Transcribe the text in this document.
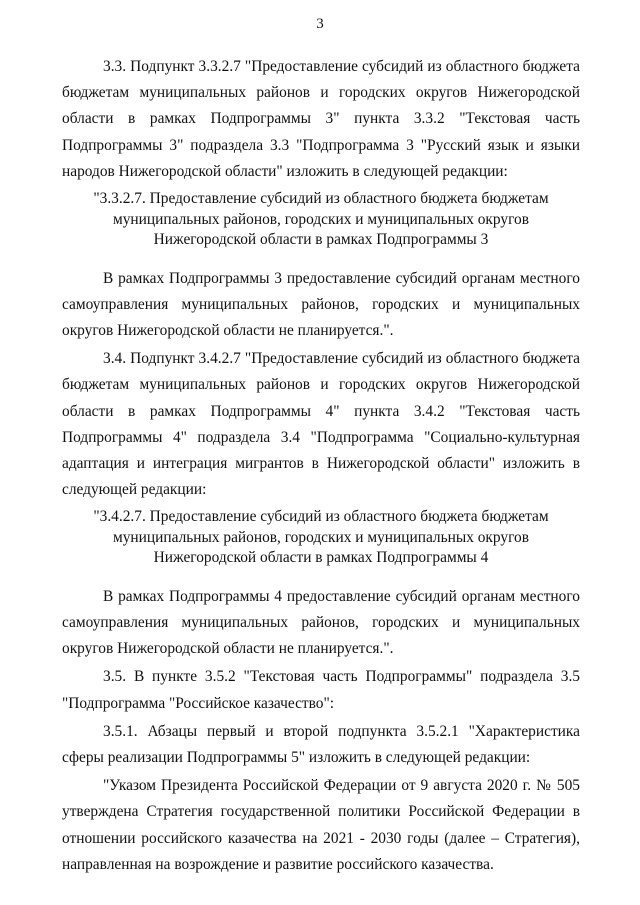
3

3.3. Подпункт 3.3.2.7 "Предоставление субсидий из областного бюджета бюджетам муниципальных районов и городских округов Нижегородской области в рамках Подпрограммы 3" пункта 3.3.2 "Текстовая часть Подпрограммы 3" подраздела 3.3 "Подпрограмма 3 "Русский язык и языки народов Нижегородской области" изложить в следующей редакции:

"3.3.2.7. Предоставление субсидий из областного бюджета бюджетам муниципальных районов, городских и муниципальных округов Нижегородской области в рамках Подпрограммы 3

В рамках Подпрограммы 3 предоставление субсидий органам местного самоуправления муниципальных районов, городских и муниципальных округов Нижегородской области не планируется.".

3.4. Подпункт 3.4.2.7 "Предоставление субсидий из областного бюджета бюджетам муниципальных районов и городских округов Нижегородской области в рамках Подпрограммы 4" пункта 3.4.2 "Текстовая часть Подпрограммы 4" подраздела 3.4 "Подпрограмма "Социально-культурная адаптация и интеграция мигрантов в Нижегородской области" изложить в следующей редакции:

"3.4.2.7. Предоставление субсидий из областного бюджета бюджетам муниципальных районов, городских и муниципальных округов Нижегородской области в рамках Подпрограммы 4

В рамках Подпрограммы 4 предоставление субсидий органам местного самоуправления муниципальных районов, городских и муниципальных округов Нижегородской области не планируется.".

3.5. В пункте 3.5.2 "Текстовая часть Подпрограммы" подраздела 3.5 "Подпрограмма "Российское казачество":

3.5.1. Абзацы первый и второй подпункта 3.5.2.1 "Характеристика сферы реализации Подпрограммы 5" изложить в следующей редакции:

"Указом Президента Российской Федерации от 9 августа 2020 г. № 505 утверждена Стратегия государственной политики Российской Федерации в отношении российского казачества на 2021 - 2030 годы (далее – Стратегия), направленная на возрождение и развитие российского казачества.
